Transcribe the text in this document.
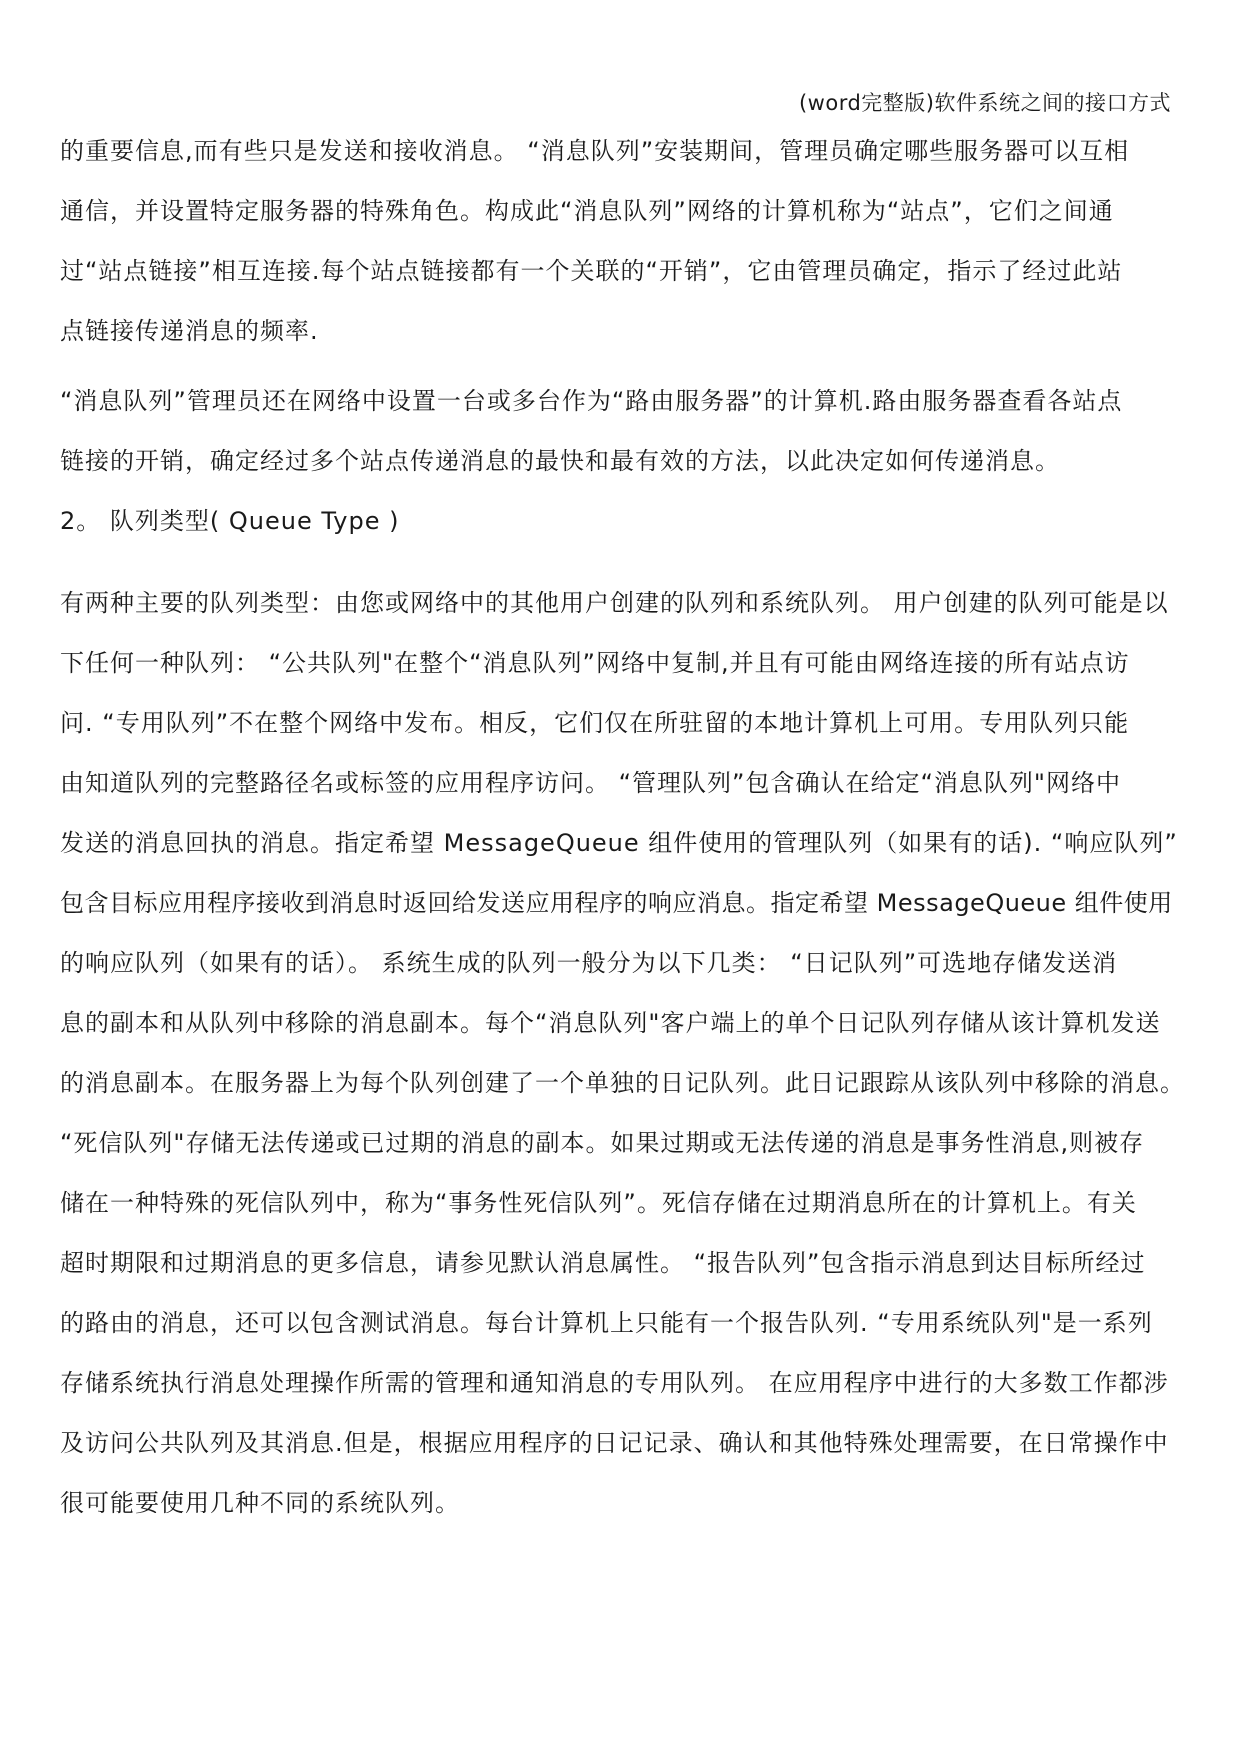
(word完整版)软件系统之间的接口方式

的重要信息,而有些只是发送和接收消息。 “消息队列”安装期间，管理员确定哪些服务器可以互相
通信，并设置特定服务器的特殊角色。构成此“消息队列”网络的计算机称为“站点”，它们之间通
过“站点链接”相互连接.每个站点链接都有一个关联的“开销”，它由管理员确定，指示了经过此站
点链接传递消息的频率.

“消息队列”管理员还在网络中设置一台或多台作为“路由服务器”的计算机.路由服务器查看各站点
链接的开销，确定经过多个站点传递消息的最快和最有效的方法，以此决定如何传递消息。

2。 队列类型( Queue Type )

有两种主要的队列类型：由您或网络中的其他用户创建的队列和系统队列。 用户创建的队列可能是以
下任何一种队列： “公共队列"在整个“消息队列”网络中复制,并且有可能由网络连接的所有站点访
问. “专用队列”不在整个网络中发布。相反，它们仅在所驻留的本地计算机上可用。专用队列只能
由知道队列的完整路径名或标签的应用程序访问。 “管理队列”包含确认在给定“消息队列"网络中
发送的消息回执的消息。指定希望 MessageQueue 组件使用的管理队列（如果有的话). “响应队列”
包含目标应用程序接收到消息时返回给发送应用程序的响应消息。指定希望 MessageQueue 组件使用
的响应队列（如果有的话）。 系统生成的队列一般分为以下几类： “日记队列”可选地存储发送消
息的副本和从队列中移除的消息副本。每个“消息队列"客户端上的单个日记队列存储从该计算机发送
的消息副本。在服务器上为每个队列创建了一个单独的日记队列。此日记跟踪从该队列中移除的消息。
“死信队列"存储无法传递或已过期的消息的副本。如果过期或无法传递的消息是事务性消息,则被存
储在一种特殊的死信队列中，称为“事务性死信队列”。死信存储在过期消息所在的计算机上。有关
超时期限和过期消息的更多信息，请参见默认消息属性。 “报告队列”包含指示消息到达目标所经过
的路由的消息，还可以包含测试消息。每台计算机上只能有一个报告队列. “专用系统队列"是一系列
存储系统执行消息处理操作所需的管理和通知消息的专用队列。 在应用程序中进行的大多数工作都涉
及访问公共队列及其消息.但是，根据应用程序的日记记录、确认和其他特殊处理需要，在日常操作中
很可能要使用几种不同的系统队列。
